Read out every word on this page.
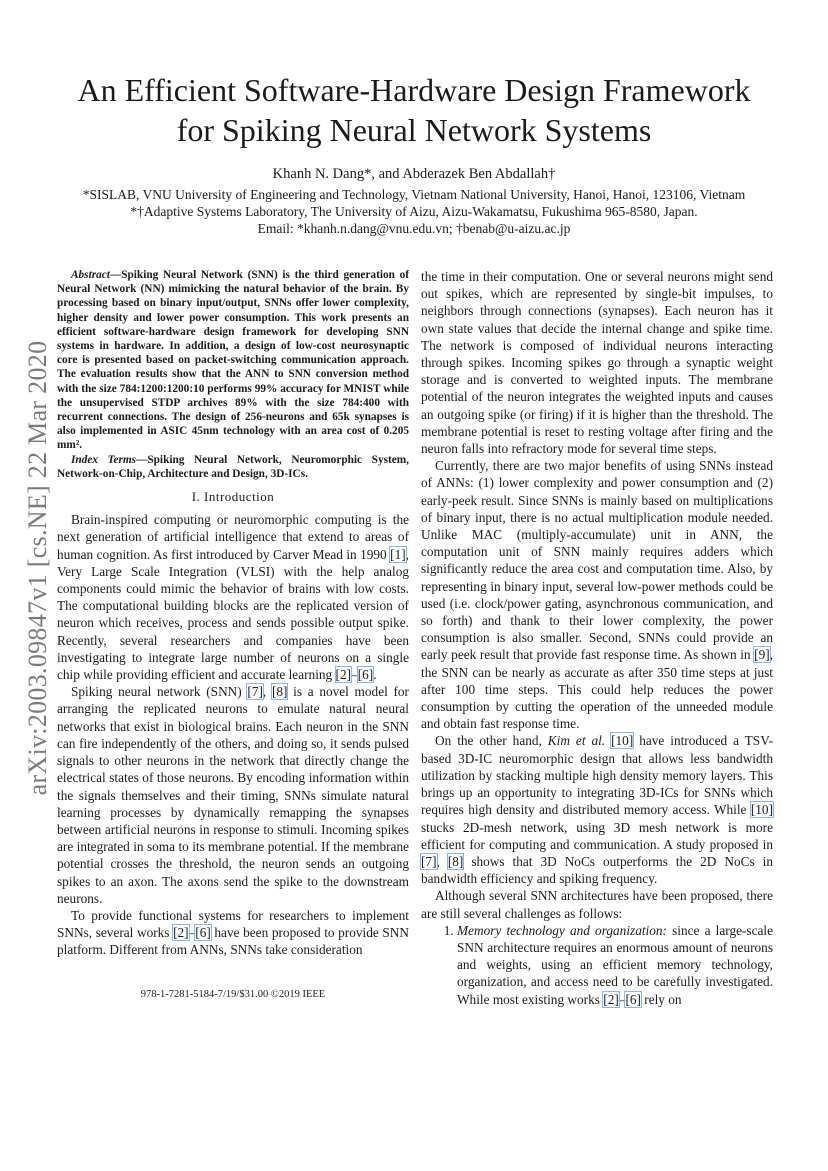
An Efficient Software-Hardware Design Framework
for Spiking Neural Network Systems
Khanh N. Dang*, and Abderazek Ben Abdallah†
*SISLAB, VNU University of Engineering and Technology, Vietnam National University, Hanoi, Hanoi, 123106, Vietnam
*†Adaptive Systems Laboratory, The University of Aizu, Aizu-Wakamatsu, Fukushima 965-8580, Japan.
Email: *khanh.n.dang@vnu.edu.vn; †benab@u-aizu.ac.jp
arXiv:2003.09847v1 [cs.NE] 22 Mar 2020

Abstract—Spiking Neural Network (SNN) is the third generation of Neural Network (NN) mimicking the natural behavior of the brain. By processing based on binary input/output, SNNs offer lower complexity, higher density and lower power consumption. This work presents an efficient software-hardware design framework for developing SNN systems in hardware. In addition, a design of low-cost neurosynaptic core is presented based on packet-switching communication approach. The evaluation results show that the ANN to SNN conversion method with the size 784:1200:1200:10 performs 99% accuracy for MNIST while the unsupervised STDP archives 89% with the size 784:400 with recurrent connections. The design of 256-neurons and 65k synapses is also implemented in ASIC 45nm technology with an area cost of 0.205 mm².

Index Terms—Spiking Neural Network, Neuromorphic System, Network-on-Chip, Architecture and Design, 3D-ICs.

I. Introduction

Brain-inspired computing or neuromorphic computing is the next generation of artificial intelligence that extend to areas of human cognition. As first introduced by Carver Mead in 1990 [1], Very Large Scale Integration (VLSI) with the help analog components could mimic the behavior of brains with low costs. The computational building blocks are the replicated version of neuron which receives, process and sends possible output spike. Recently, several researchers and companies have been investigating to integrate large number of neurons on a single chip while providing efficient and accurate learning [2]–[6].

Spiking neural network (SNN) [7], [8] is a novel model for arranging the replicated neurons to emulate natural neural networks that exist in biological brains. Each neuron in the SNN can fire independently of the others, and doing so, it sends pulsed signals to other neurons in the network that directly change the electrical states of those neurons. By encoding information within the signals themselves and their timing, SNNs simulate natural learning processes by dynamically remapping the synapses between artificial neurons in response to stimuli. Incoming spikes are integrated in soma to its membrane potential. If the membrane potential crosses the threshold, the neuron sends an outgoing spikes to an axon. The axons send the spike to the downstream neurons.

To provide functional systems for researchers to implement SNNs, several works [2]–[6] have been proposed to provide SNN platform. Different from ANNs, SNNs take consideration

the time in their computation. One or several neurons might send out spikes, which are represented by single-bit impulses, to neighbors through connections (synapses). Each neuron has it own state values that decide the internal change and spike time. The network is composed of individual neurons interacting through spikes. Incoming spikes go through a synaptic weight storage and is converted to weighted inputs. The membrane potential of the neuron integrates the weighted inputs and causes an outgoing spike (or firing) if it is higher than the threshold. The membrane potential is reset to resting voltage after firing and the neuron falls into refractory mode for several time steps.

Currently, there are two major benefits of using SNNs instead of ANNs: (1) lower complexity and power consumption and (2) early-peek result. Since SNNs is mainly based on multiplications of binary input, there is no actual multiplication module needed. Unlike MAC (multiply-accumulate) unit in ANN, the computation unit of SNN mainly requires adders which significantly reduce the area cost and computation time. Also, by representing in binary input, several low-power methods could be used (i.e. clock/power gating, asynchronous communication, and so forth) and thank to their lower complexity, the power consumption is also smaller. Second, SNNs could provide an early peek result that provide fast response time. As shown in [9], the SNN can be nearly as accurate as after 350 time steps at just after 100 time steps. This could help reduces the power consumption by cutting the operation of the unneeded module and obtain fast response time.

On the other hand, Kim et al. [10] have introduced a TSV-based 3D-IC neuromorphic design that allows less bandwidth utilization by stacking multiple high density memory layers. This brings up an opportunity to integrating 3D-ICs for SNNs which requires high density and distributed memory access. While [10] stucks 2D-mesh network, using 3D mesh network is more efficient for computing and communication. A study proposed in [7], [8] shows that 3D NoCs outperforms the 2D NoCs in bandwidth efficiency and spiking frequency.

Although several SNN architectures have been proposed, there are still several challenges as follows:

1. Memory technology and organization: since a large-scale SNN architecture requires an enormous amount of neurons and weights, using an efficient memory technology, organization, and access need to be carefully investigated. While most existing works [2]–[6] rely on
978-1-7281-5184-7/19/$31.00 ©2019 IEEE
